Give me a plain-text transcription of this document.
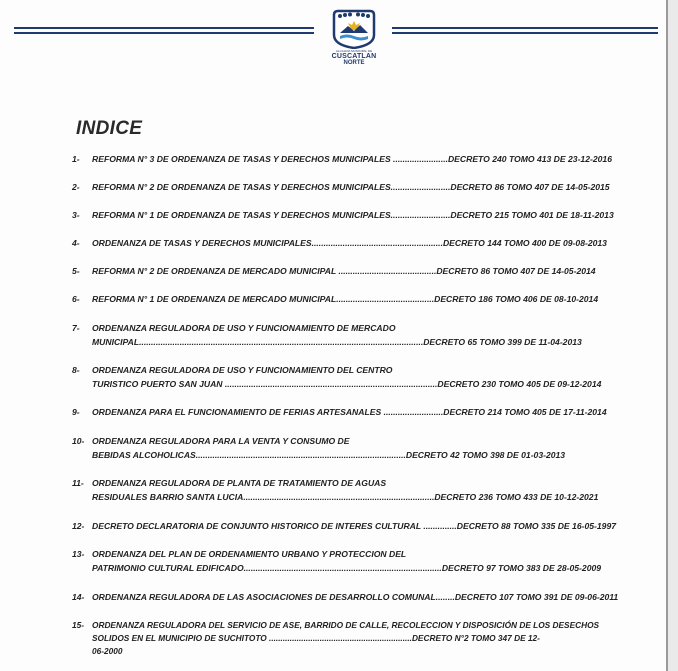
ALCALDIA MUNICIPAL DE
CUSCATLAN
NORTE
INDICE
1- REFORMA N° 3 DE ORDENANZA DE TASAS Y DERECHOS MUNICIPALES .......................DECRETO 240 TOMO 413 DE 23-12-2016
2- REFORMA N° 2 DE ORDENANZA DE TASAS Y DERECHOS MUNICIPALES.........................DECRETO 86 TOMO 407 DE 14-05-2015
3- REFORMA N° 1 DE ORDENANZA DE TASAS Y DERECHOS MUNICIPALES.........................DECRETO 215 TOMO 401 DE 18-11-2013
4- ORDENANZA DE TASAS Y DERECHOS MUNICIPALES.......................................................DECRETO 144 TOMO 400 DE 09-08-2013
5- REFORMA N° 2 DE ORDENANZA DE MERCADO MUNICIPAL .........................................DECRETO 86 TOMO 407 DE 14-05-2014
6- REFORMA N° 1 DE ORDENANZA DE MERCADO MUNICIPAL.........................................DECRETO 186 TOMO 406 DE 08-10-2014
7- ORDENANZA REGULADORA DE USO Y FUNCIONAMIENTO DE MERCADO
MUNICIPAL.......................................................................................................................DECRETO 65 TOMO 399 DE 11-04-2013
8- ORDENANZA REGULADORA DE USO Y FUNCIONAMIENTO DEL CENTRO
TURISTICO PUERTO SAN JUAN .........................................................................................DECRETO 230 TOMO 405 DE 09-12-2014
9- ORDENANZA PARA EL FUNCIONAMIENTO DE FERIAS ARTESANALES .........................DECRETO 214 TOMO 405 DE 17-11-2014
10- ORDENANZA REGULADORA PARA LA VENTA Y CONSUMO DE
BEBIDAS ALCOHOLICAS........................................................................................DECRETO 42 TOMO 398 DE 01-03-2013
11- ORDENANZA REGULADORA DE PLANTA DE TRATAMIENTO DE AGUAS
RESIDUALES BARRIO SANTA LUCIA................................................................................DECRETO 236 TOMO 433 DE 10-12-2021
12- DECRETO DECLARATORIA DE CONJUNTO HISTORICO DE INTERES CULTURAL ..............DECRETO 88 TOMO 335 DE 16-05-1997
13- ORDENANZA DEL PLAN DE ORDENAMIENTO URBANO Y PROTECCION DEL
PATRIMONIO CULTURAL EDIFICADO...................................................................................DECRETO 97 TOMO 383 DE 28-05-2009
14- ORDENANZA REGULADORA DE LAS ASOCIACIONES DE DESARROLLO COMUNAL........DECRETO 107 TOMO 391 DE 09-06-2011
15- ORDENANZA REGULADORA DEL SERVICIO DE ASE, BARRIDO DE CALLE, RECOLECCION Y DISPOSICIÓN DE LOS DESECHOS
SOLIDOS EN EL MUNICIPIO DE SUCHITOTO ..............................................................DECRETO N°2 TOMO 347 DE 12-
06-2000
